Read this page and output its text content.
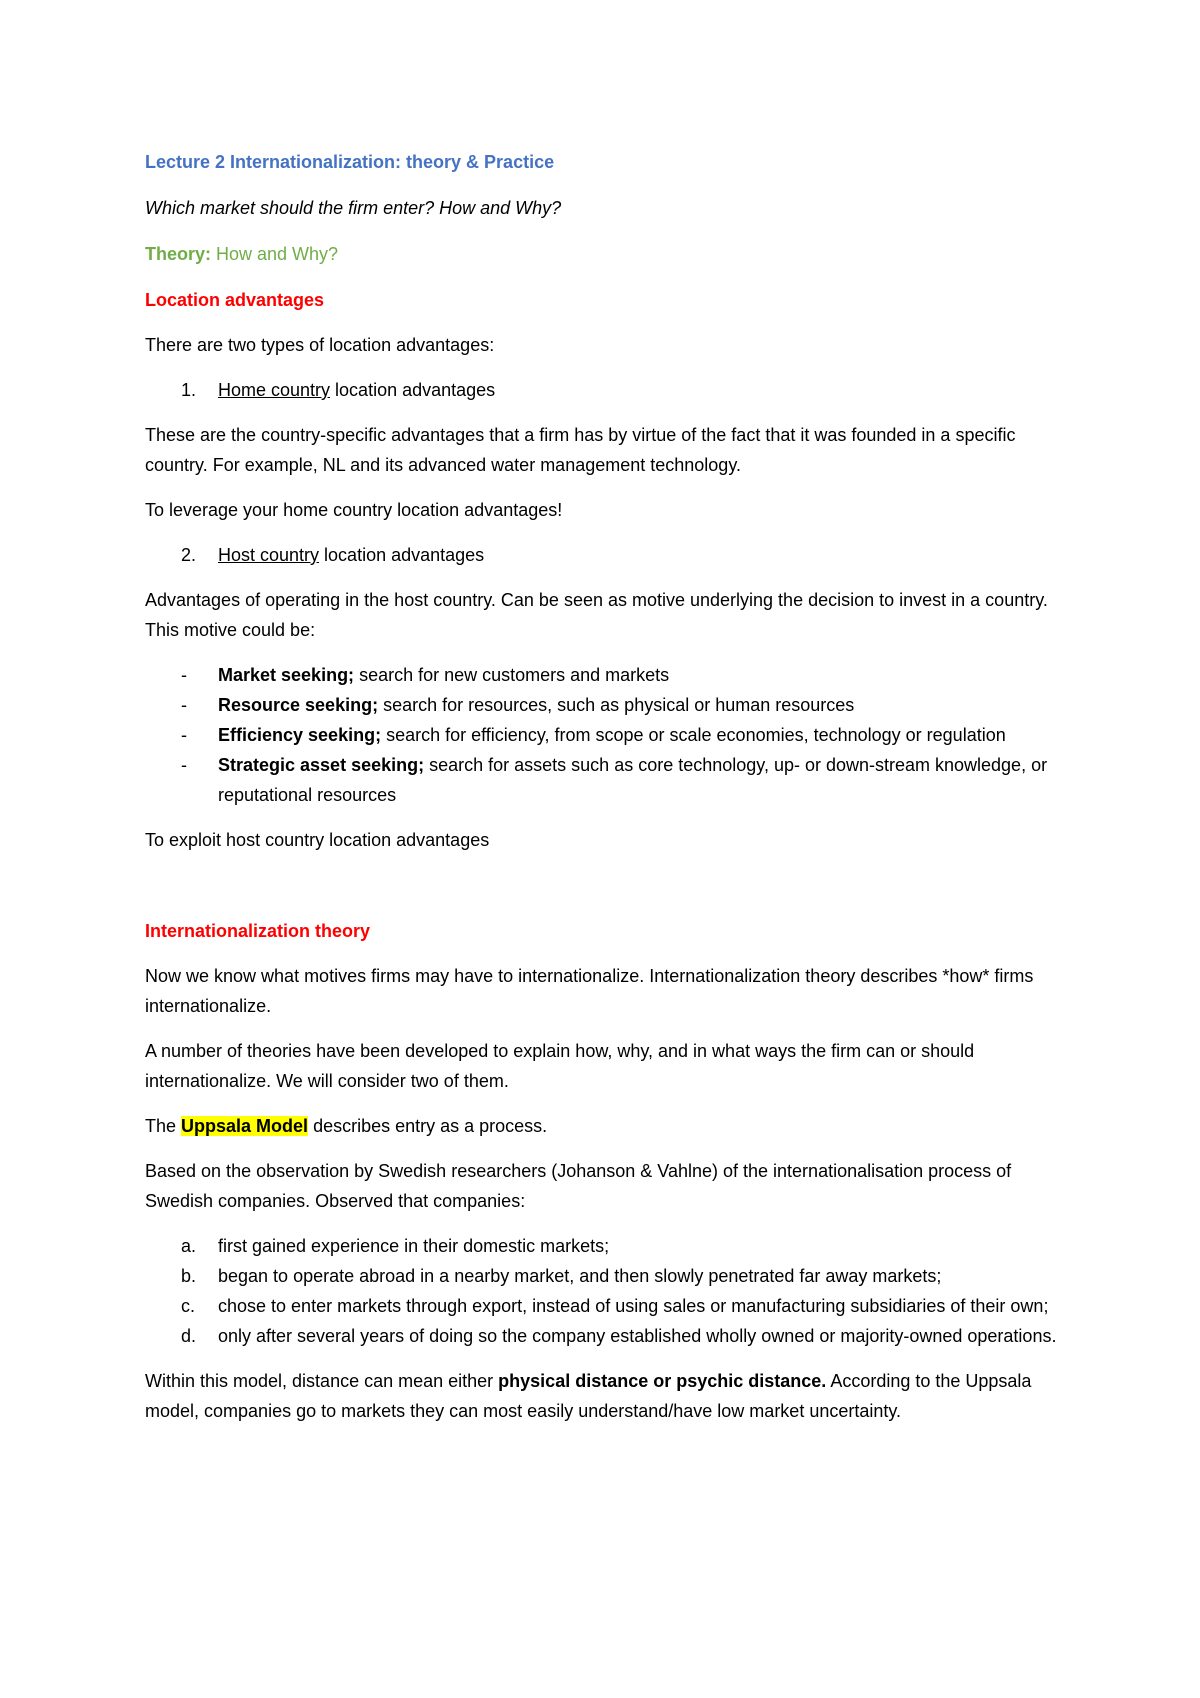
Lecture 2 Internationalization: theory & Practice

Which market should the firm enter? How and Why?

Theory: How and Why?

Location advantages

There are two types of location advantages:

1.	Home country location advantages

These are the country-specific advantages that a firm has by virtue of the fact that it was founded in a specific country. For example, NL and its advanced water management technology.

To leverage your home country location advantages!

2.	Host country location advantages

Advantages of operating in the host country. Can be seen as motive underlying the decision to invest in a country. This motive could be:

-	Market seeking; search for new customers and markets
-	Resource seeking; search for resources, such as physical or human resources
-	Efficiency seeking; search for efficiency, from scope or scale economies, technology or regulation
-	Strategic asset seeking; search for assets such as core technology, up- or down-stream knowledge, or reputational resources

To exploit host country location advantages

Internationalization theory

Now we know what motives firms may have to internationalize. Internationalization theory describes *how* firms internationalize.

A number of theories have been developed to explain how, why, and in what ways the firm can or should internationalize. We will consider two of them.

The Uppsala Model describes entry as a process.

Based on the observation by Swedish researchers (Johanson & Vahlne) of the internationalisation process of Swedish companies. Observed that companies:

a.	first gained experience in their domestic markets;
b.	began to operate abroad in a nearby market, and then slowly penetrated far away markets;
c.	chose to enter markets through export, instead of using sales or manufacturing subsidiaries of their own;
d.	only after several years of doing so the company established wholly owned or majority-owned operations.

Within this model, distance can mean either physical distance or psychic distance. According to the Uppsala model, companies go to markets they can most easily understand/have low market uncertainty.
